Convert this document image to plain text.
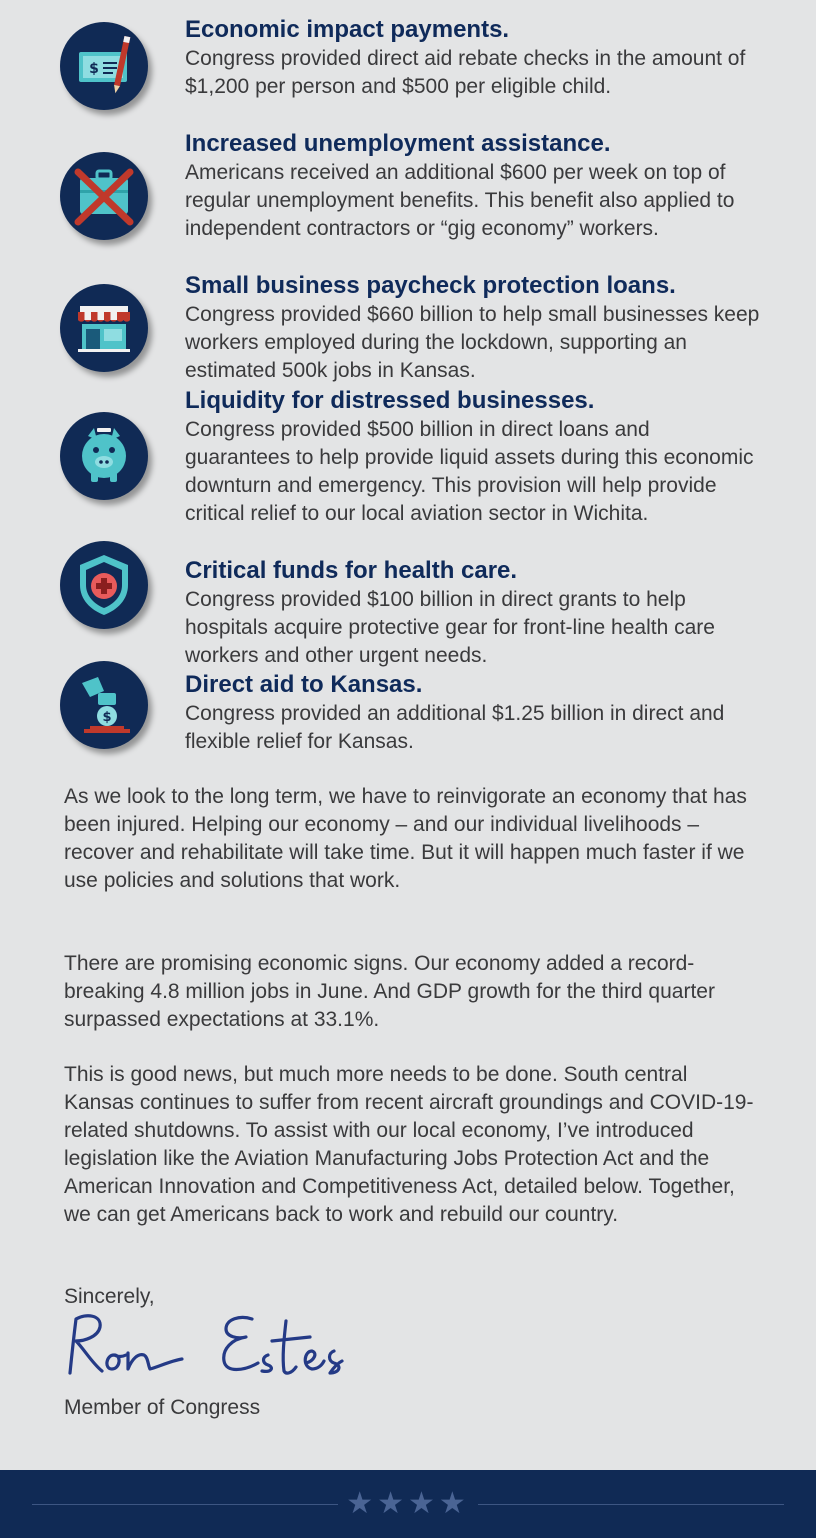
$
Economic impact payments.
Congress provided direct aid rebate checks in the amount of $1,200 per person and $500 per eligible child.
Increased unemployment assistance.
Americans received an additional $600 per week on top of regular unemployment benefits. This benefit also applied to independent contractors or “gig economy” workers.
Small business paycheck protection loans.
Congress provided $660 billion to help small businesses keep workers employed during the lockdown, supporting an estimated 500k jobs in Kansas.
Liquidity for distressed businesses.
Congress provided $500 billion in direct loans and guarantees to help provide liquid assets during this economic downturn and emergency. This provision will help provide critical relief to our local aviation sector in Wichita.
Critical funds for health care.
Congress provided $100 billion in direct grants to help hospitals acquire protective gear for front-line health care workers and other urgent needs.
$
Direct aid to Kansas.
Congress provided an additional $1.25 billion in direct and flexible relief for Kansas.
As we look to the long term, we have to reinvigorate an economy that has been injured. Helping our economy – and our individual livelihoods – recover and rehabilitate will take time. But it will happen much faster if we use policies and solutions that work.
There are promising economic signs. Our economy added a record-breaking 4.8 million jobs in June. And GDP growth for the third quarter surpassed expectations at 33.1%.
This is good news, but much more needs to be done. South central Kansas continues to suffer from recent aircraft groundings and COVID-19-related shutdowns. To assist with our local economy, I’ve introduced legislation like the Aviation Manufacturing Jobs Protection Act and the American Innovation and Competitiveness Act, detailed below. Together, we can get Americans back to work and rebuild our country.
Sincerely,
Member of Congress
★★★★
